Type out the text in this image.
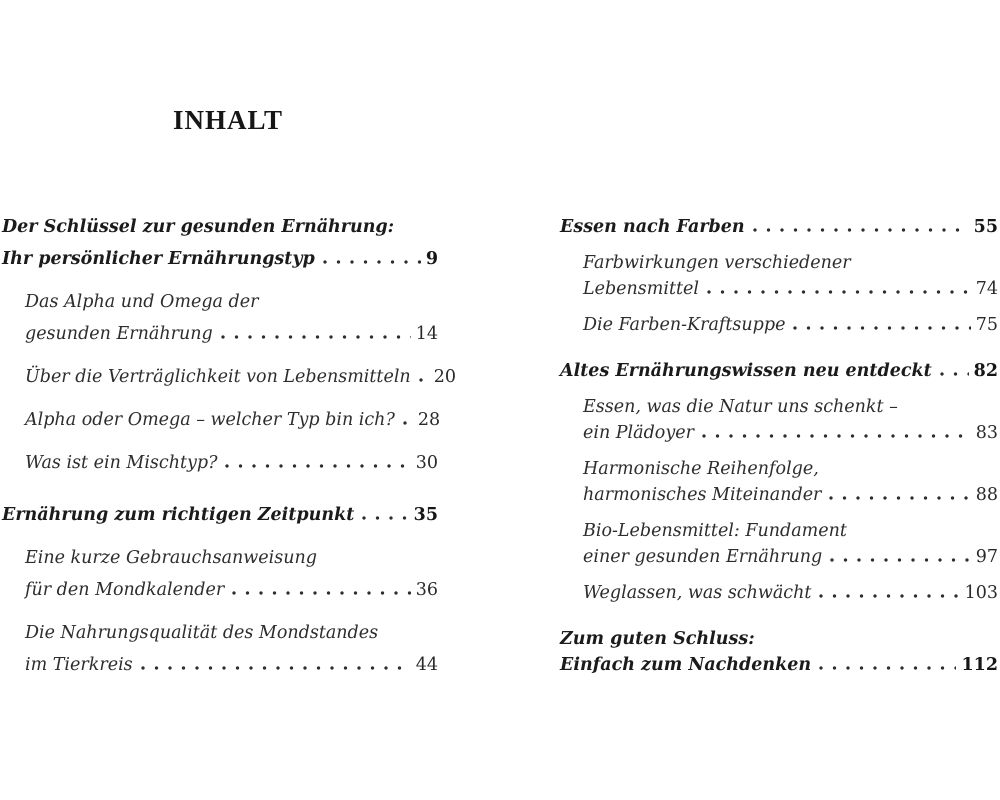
INHALT
Der Schlüssel zur gesunden Ernährung:
Ihr persönlicher Ernährungstyp	9
Das Alpha und Omega der
gesunden Ernährung	14
Über die Verträglichkeit von Lebensmitteln 20
Alpha oder Omega – welcher Typ bin ich? 28
Was ist ein Mischtyp?	30
Ernährung zum richtigen Zeitpunkt	35
Eine kurze Gebrauchsanweisung
für den Mondkalender	36
Die Nahrungsqualität des Mondstandes
im Tierkreis	44
Essen nach Farben	55
Farbwirkungen verschiedener
Lebensmittel	74
Die Farben-Kraftsuppe	75
Altes Ernährungswissen neu entdeckt 82
Essen, was die Natur uns schenkt –
ein Plädoyer	83
Harmonische Reihenfolge,
harmonisches Miteinander	88
Bio-Lebensmittel: Fundament
einer gesunden Ernährung	97
Weglassen, was schwächt	103
Zum guten Schluss:
Einfach zum Nachdenken	112
